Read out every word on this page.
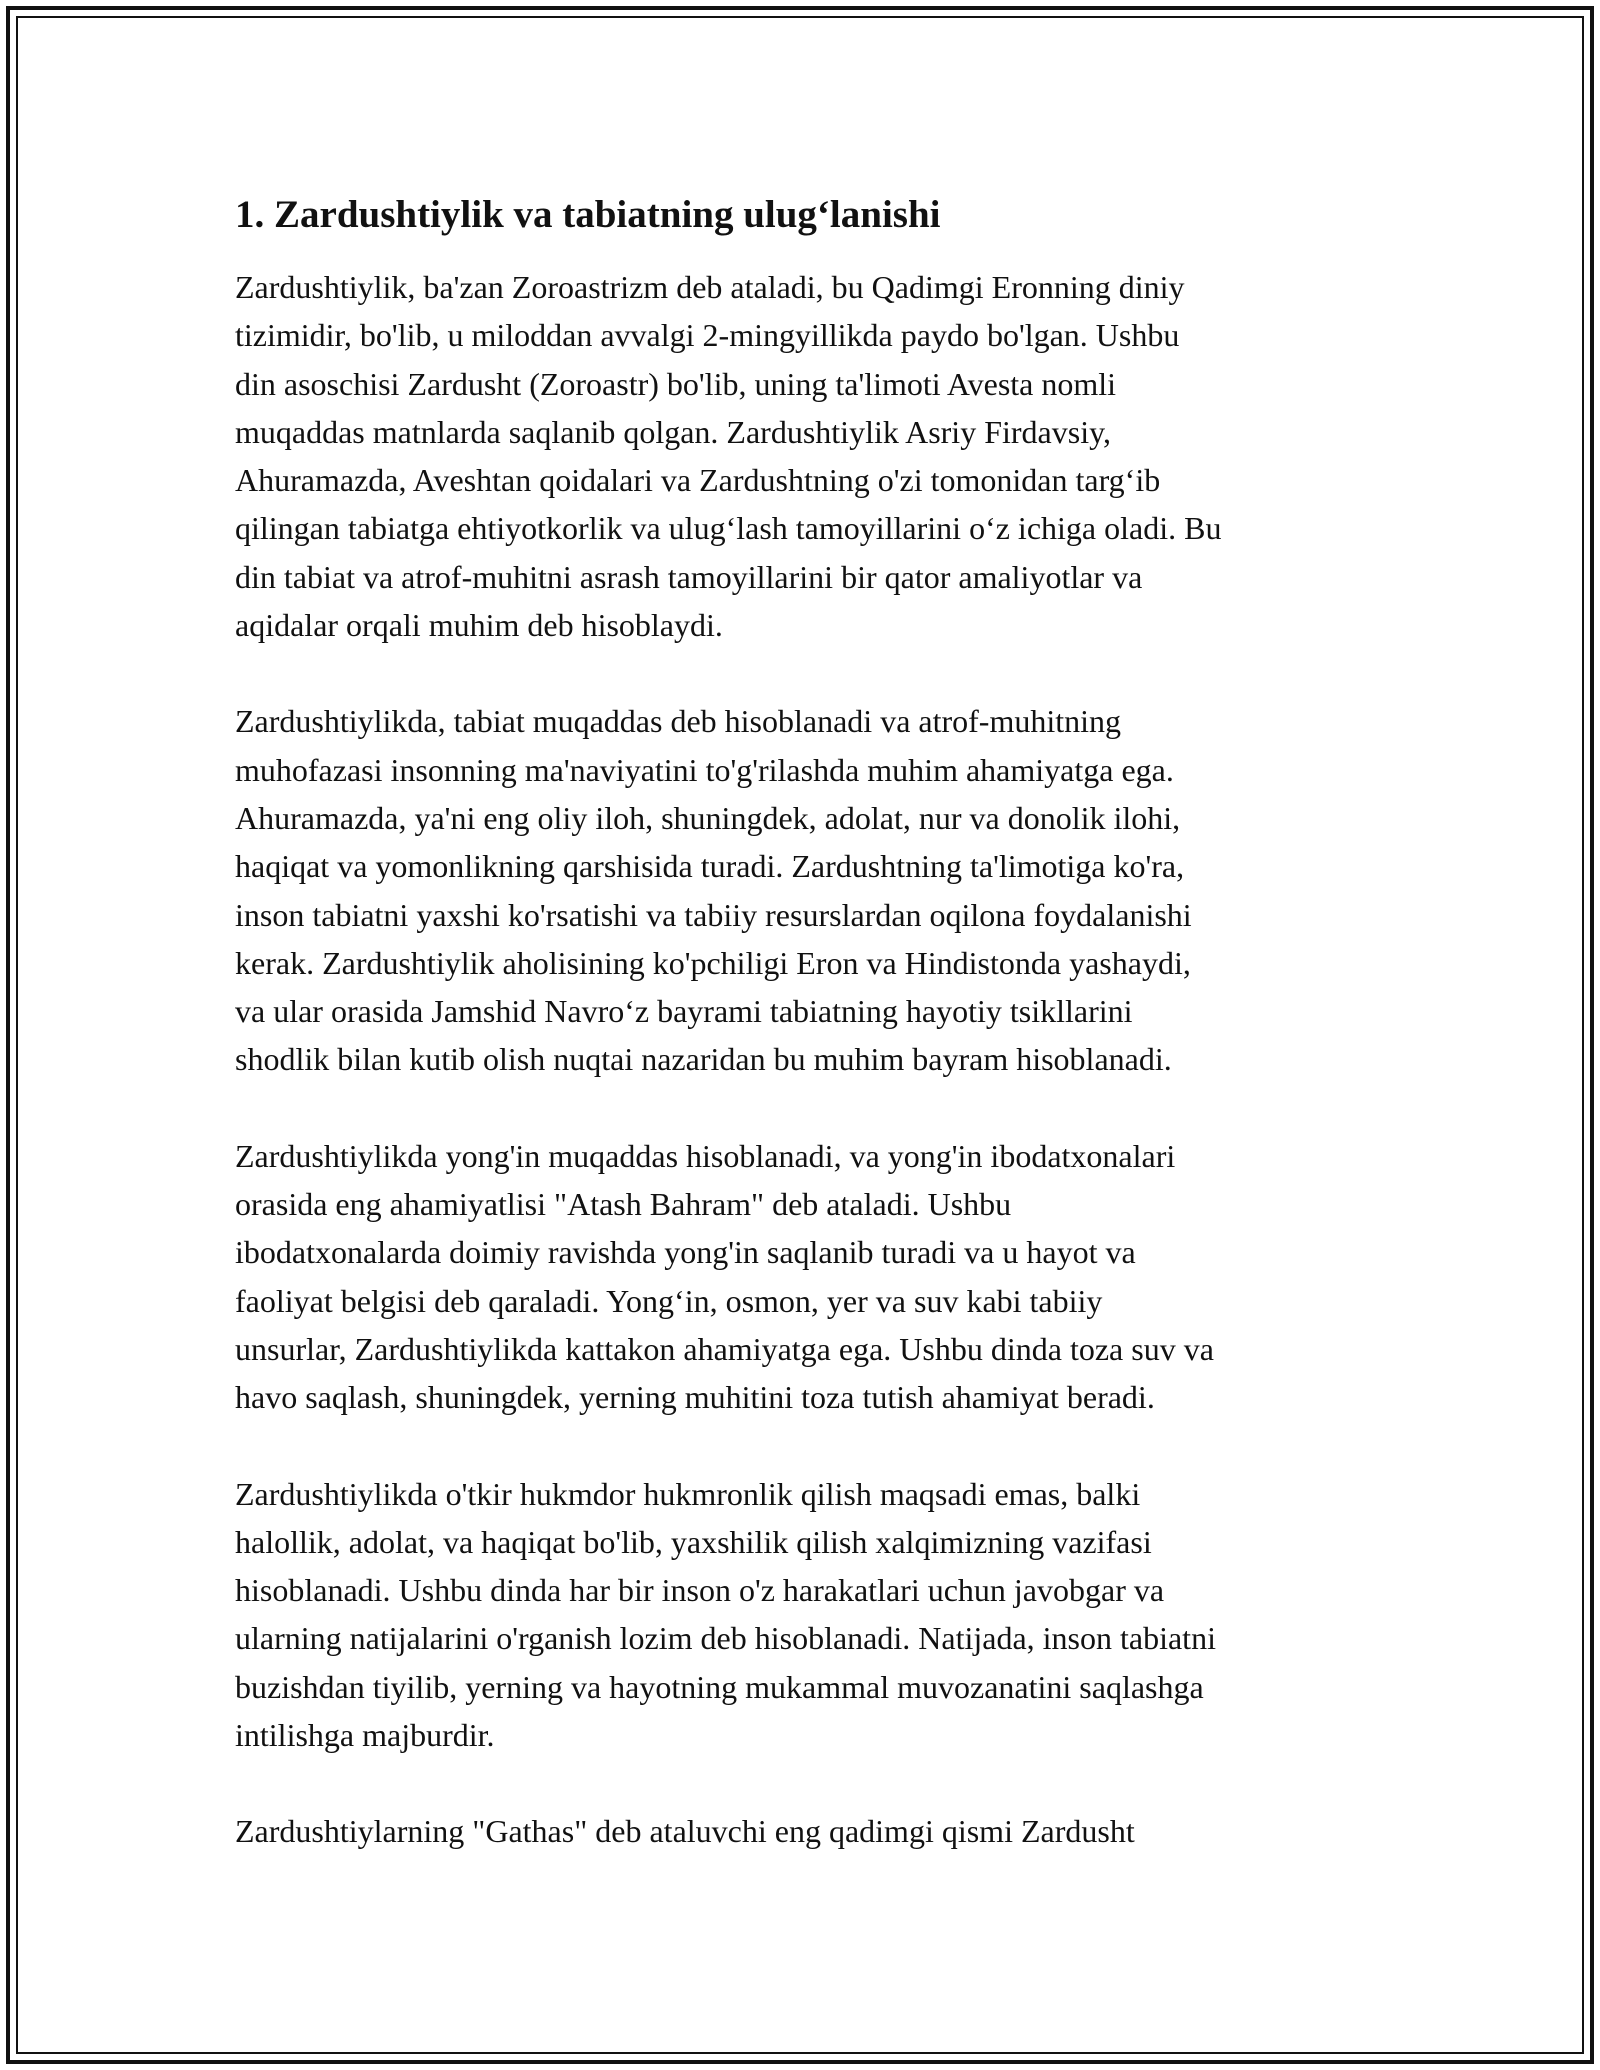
1. Zardushtiylik va tabiatning ulug‘lanishi
Zardushtiylik, ba'zan Zoroastrizm deb ataladi, bu Qadimgi Eronning diniy
tizimidir, bo'lib, u miloddan avvalgi 2-mingyillikda paydo bo'lgan. Ushbu
din asoschisi Zardusht (Zoroastr) bo'lib, uning ta'limoti Avesta nomli
muqaddas matnlarda saqlanib qolgan. Zardushtiylik Asriy Firdavsiy,
Ahuramazda, Aveshtan qoidalari va Zardushtning o'zi tomonidan targ‘ib
qilingan tabiatga ehtiyotkorlik va ulug‘lash tamoyillarini o‘z ichiga oladi. Bu
din tabiat va atrof-muhitni asrash tamoyillarini bir qator amaliyotlar va
aqidalar orqali muhim deb hisoblaydi.
Zardushtiylikda, tabiat muqaddas deb hisoblanadi va atrof-muhitning
muhofazasi insonning ma'naviyatini to'g'rilashda muhim ahamiyatga ega.
Ahuramazda, ya'ni eng oliy iloh, shuningdek, adolat, nur va donolik ilohi,
haqiqat va yomonlikning qarshisida turadi. Zardushtning ta'limotiga ko'ra,
inson tabiatni yaxshi ko'rsatishi va tabiiy resurslardan oqilona foydalanishi
kerak. Zardushtiylik aholisining ko'pchiligi Eron va Hindistonda yashaydi,
va ular orasida Jamshid Navro‘z bayrami tabiatning hayotiy tsikllarini
shodlik bilan kutib olish nuqtai nazaridan bu muhim bayram hisoblanadi.
Zardushtiylikda yong'in muqaddas hisoblanadi, va yong'in ibodatxonalari
orasida eng ahamiyatlisi "Atash Bahram" deb ataladi. Ushbu
ibodatxonalarda doimiy ravishda yong'in saqlanib turadi va u hayot va
faoliyat belgisi deb qaraladi. Yong‘in, osmon, yer va suv kabi tabiiy
unsurlar, Zardushtiylikda kattakon ahamiyatga ega. Ushbu dinda toza suv va
havo saqlash, shuningdek, yerning muhitini toza tutish ahamiyat beradi.
Zardushtiylikda o'tkir hukmdor hukmronlik qilish maqsadi emas, balki
halollik, adolat, va haqiqat bo'lib, yaxshilik qilish xalqimizning vazifasi
hisoblanadi. Ushbu dinda har bir inson o'z harakatlari uchun javobgar va
ularning natijalarini o'rganish lozim deb hisoblanadi. Natijada, inson tabiatni
buzishdan tiyilib, yerning va hayotning mukammal muvozanatini saqlashga
intilishga majburdir.
Zardushtiylarning "Gathas" deb ataluvchi eng qadimgi qismi Zardusht
